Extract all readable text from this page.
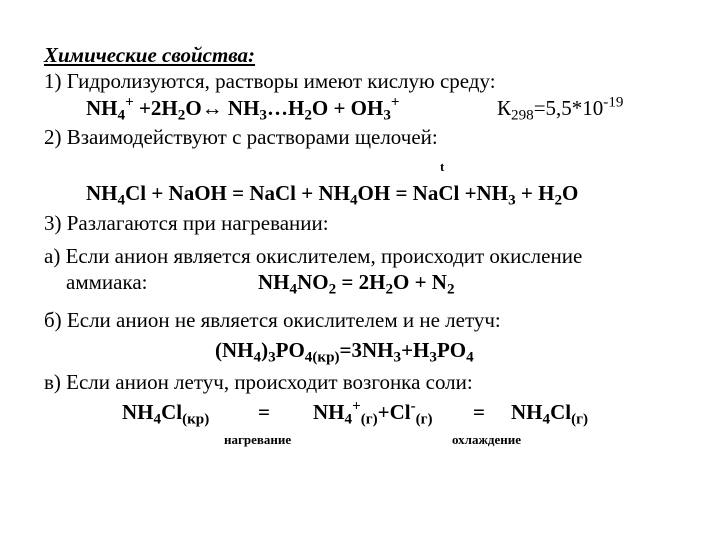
Химические свойства:
1) Гидролизуются, растворы имеют кислую среду:
$NH_4^+$ $+2H_2O\leftrightarrow$ $NH_3\dots H_2O + OH_3^+$	$К_{298}=5,5*10^{-19}$
2) Взаимодействуют с растворами щелочей:
t
$NH_4Cl$ + NaOH = NaCl + $NH_4OH$ = NaCl $+NH_3 + H_2O$
3) Разлагаются при нагревании:
а) Если анион является окислителем, происходит окисление
аммиака:	$NH_4NO_2 = 2H_2O + N_2$
б) Если анион не является окислителем и не летуч:
$(NH_4)_3PO_{4(кр)}=3NH_3+H_3PO_4$
в) Если анион летуч, происходит возгонка соли:
$NH_4Cl_{(кр)} = NH_4^+_{(г)}+Cl^-_{(г)} = NH_4Cl_{(г)}$
нагревание	охлаждение
